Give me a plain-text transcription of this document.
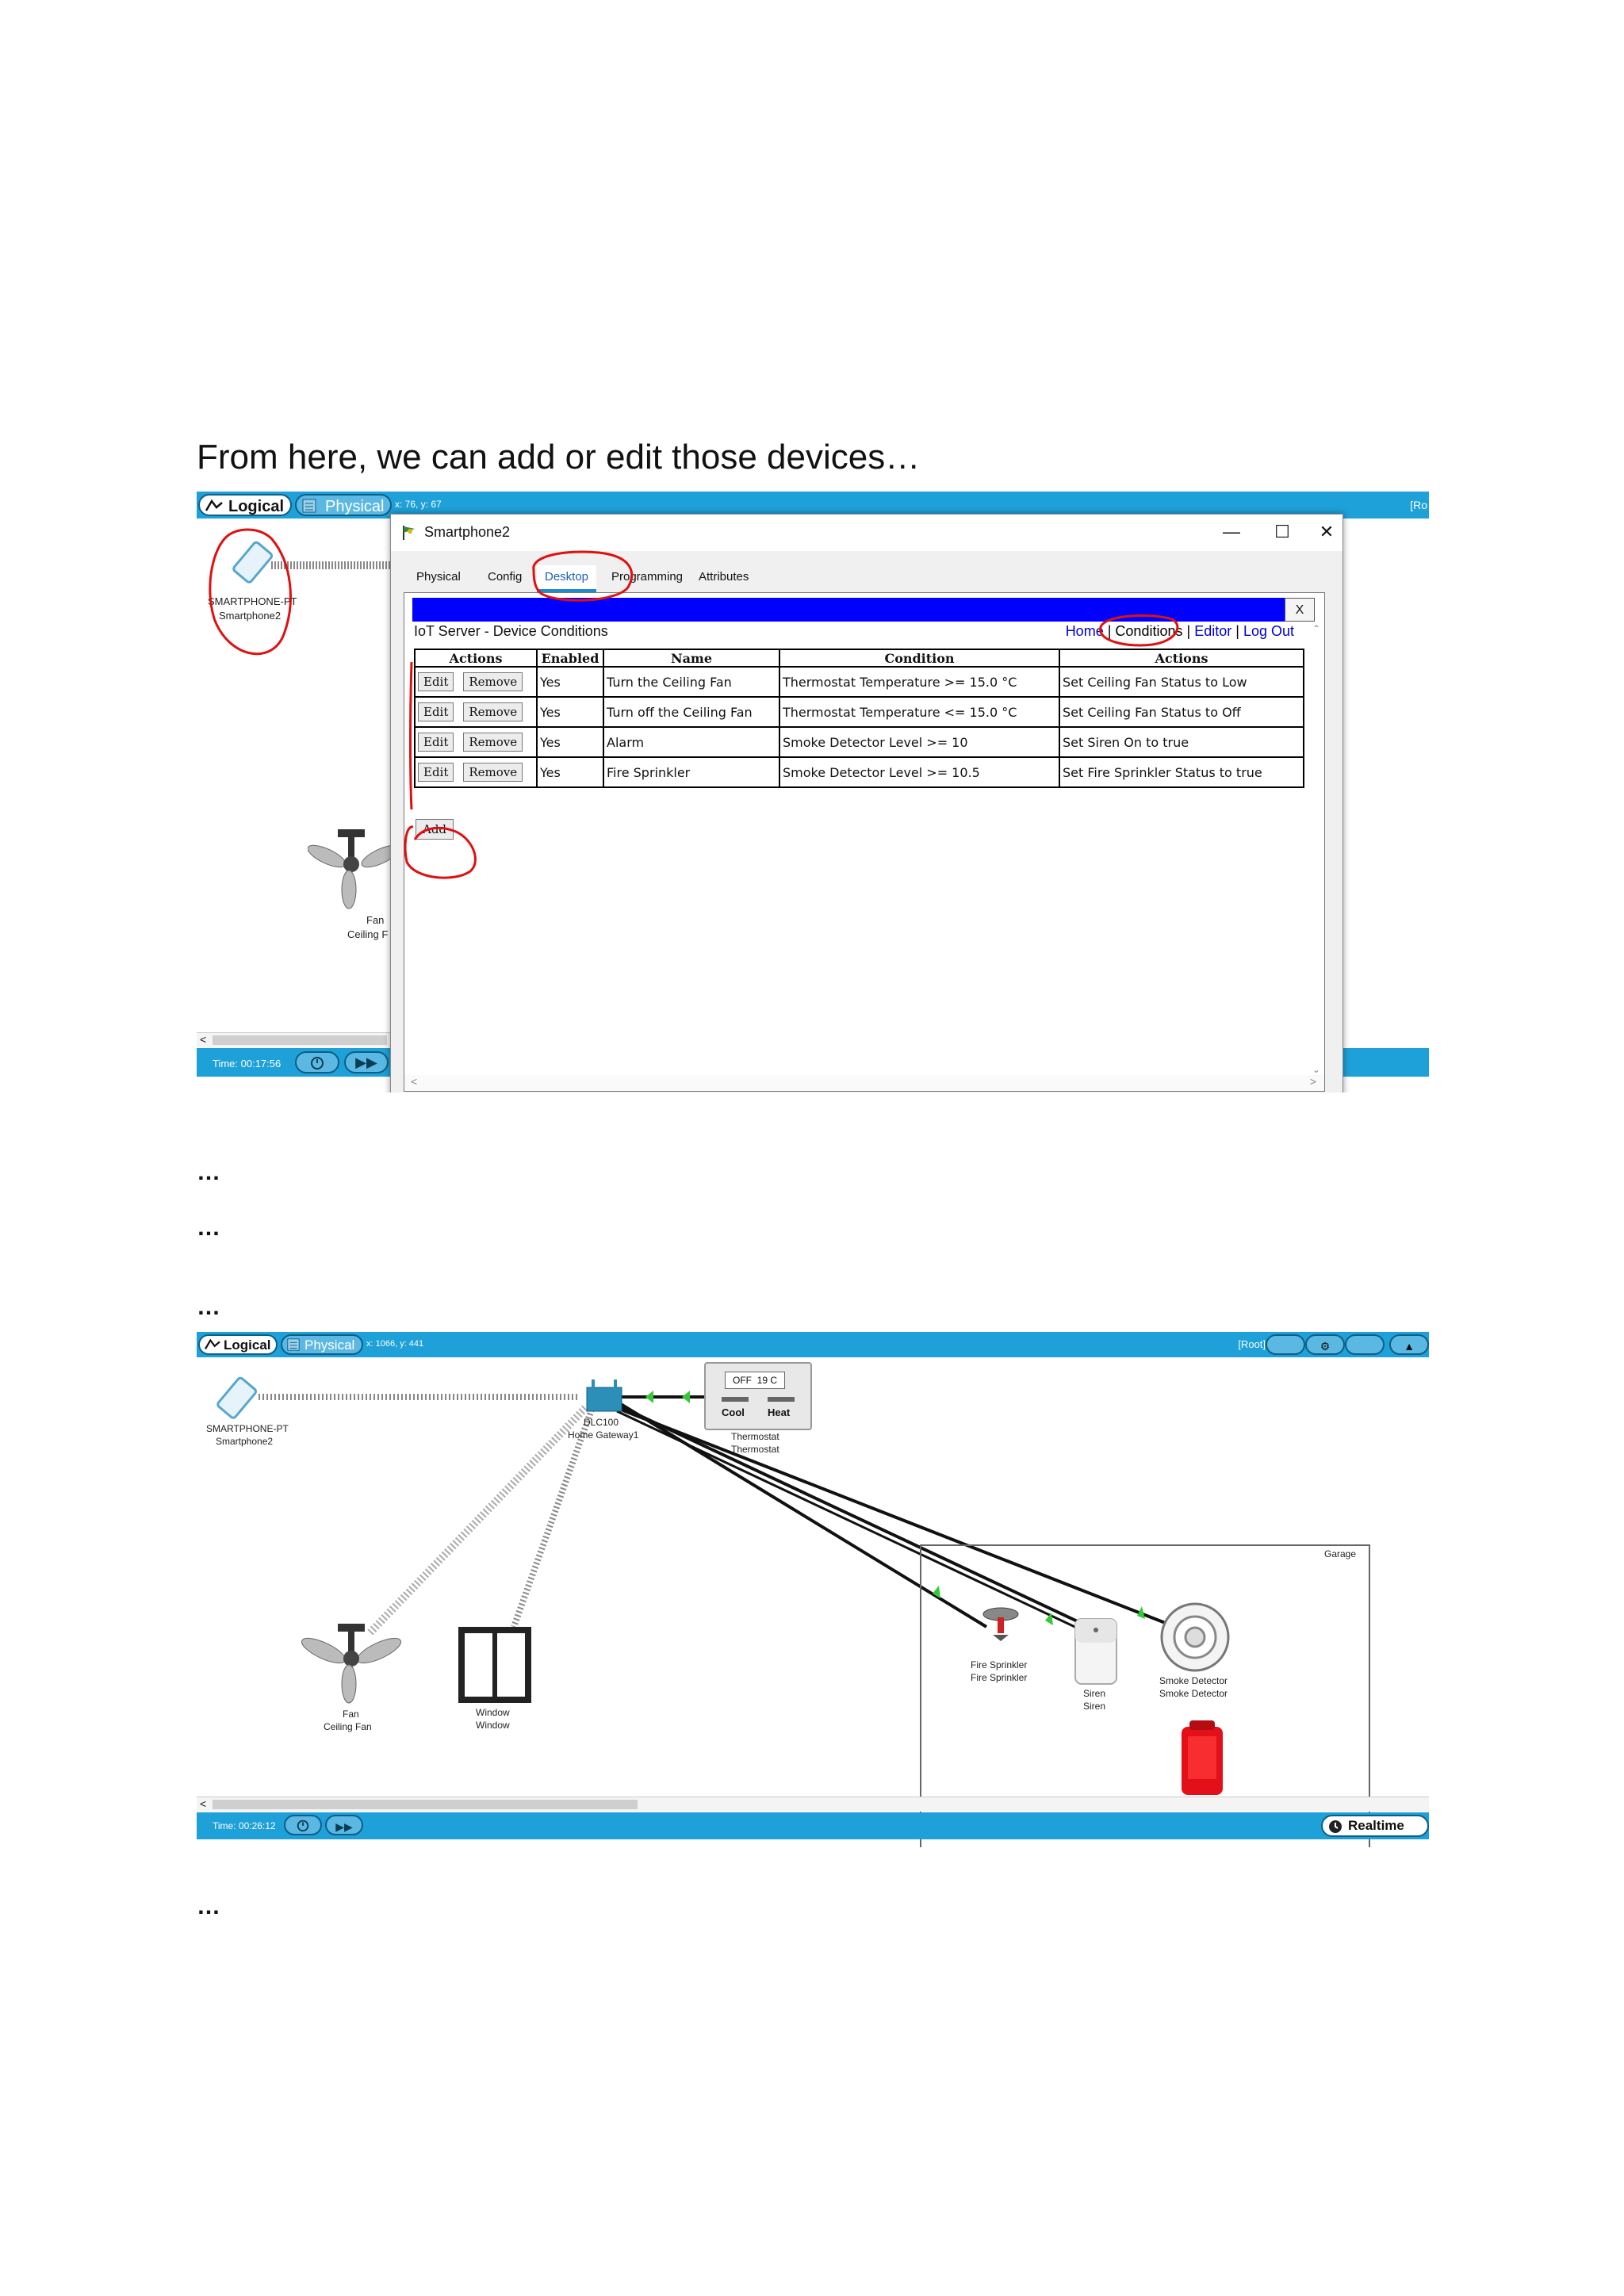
From here, we can add or edit those devices…
Logical	Physical	x: 76, y: 67	[Ro
SMARTPHONE-PT
Smartphone2
Fan
Ceiling F
<
Time: 00:17:56	▶▶
Smartphone2	—	☐	✕
Physical	Config	Desktop	Programming	Attributes
X
IoT Server - Device Conditions	Home | Conditions | Editor | Log Out
Actions	Enabled	Name	Condition	Actions
Edit Remove	Yes	Turn the Ceiling Fan	Thermostat Temperature >= 15.0 °C	Set Ceiling Fan Status to Low
Edit Remove	Yes	Turn off the Ceiling Fan	Thermostat Temperature <= 15.0 °C	Set Ceiling Fan Status to Off
Edit Remove	Yes	Alarm	Smoke Detector Level >= 10	Set Siren On to true
Edit Remove	Yes	Fire Sprinkler	Smoke Detector Level >= 10.5	Set Fire Sprinkler Status to true
Add
⌃
⌄
<	>
…
…
…
Logical	Physical	x: 1066, y: 441	[Root]	⚙	▲
SMARTPHONE-PT
Smartphone2
DLC100
Home Gateway1
OFF  19 C
Cool Heat
Thermostat
Thermostat
Fan
Ceiling Fan
Window
Window
Garage
Fire Sprinkler
Fire Sprinkler
Siren
Siren
Smoke Detector
Smoke Detector
<
Time: 00:26:12	▶▶	Realtime
…
